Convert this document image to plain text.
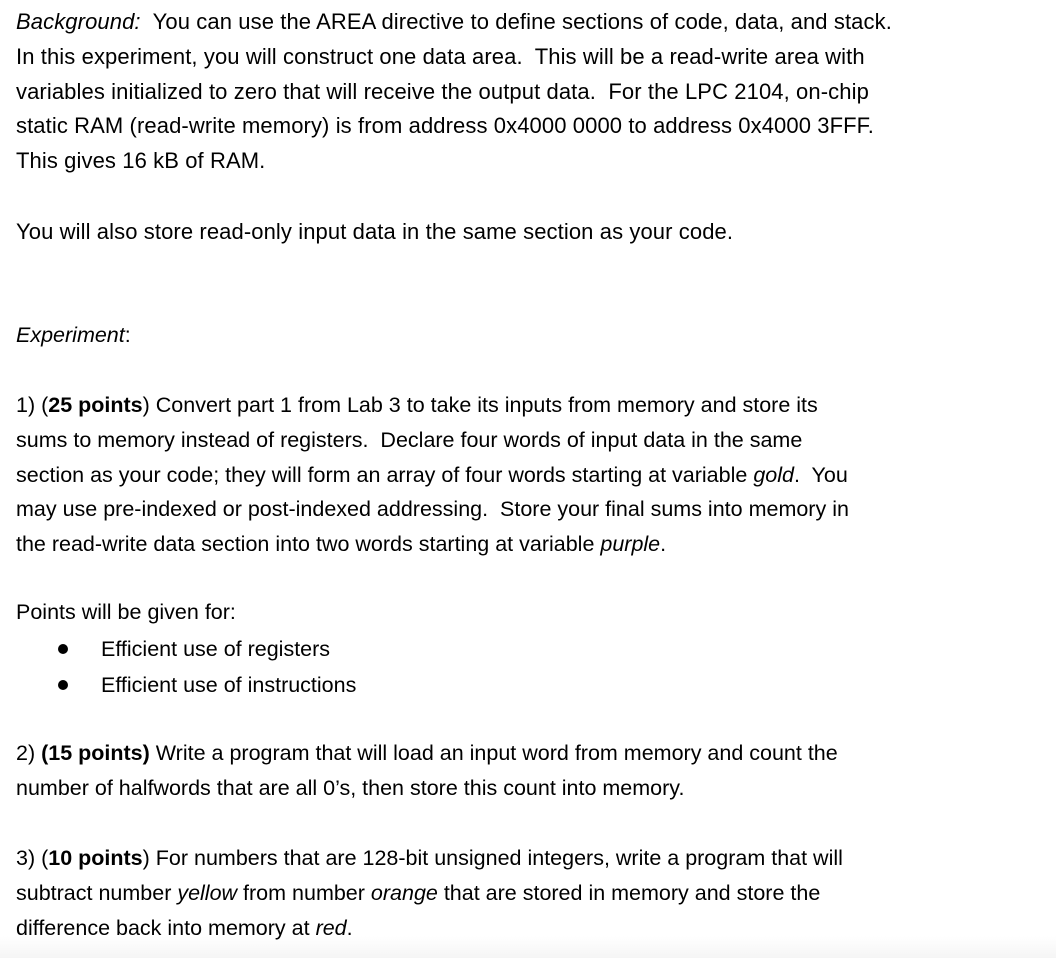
Background:  You can use the AREA directive to define sections of code, data, and stack.
In this experiment, you will construct one data area.  This will be a read-write area with
variables initialized to zero that will receive the output data.  For the LPC 2104, on-chip
static RAM (read-write memory) is from address 0x4000 0000 to address 0x4000 3FFF.
This gives 16 kB of RAM.
You will also store read-only input data in the same section as your code.
Experiment:
1) (25 points) Convert part 1 from Lab 3 to take its inputs from memory and store its
sums to memory instead of registers.  Declare four words of input data in the same
section as your code; they will form an array of four words starting at variable gold.  You
may use pre-indexed or post-indexed addressing.  Store your final sums into memory in
the read-write data section into two words starting at variable purple.
Points will be given for:
Efficient use of registers
Efficient use of instructions
2) (15 points) Write a program that will load an input word from memory and count the
number of halfwords that are all 0’s, then store this count into memory.
3) (10 points) For numbers that are 128-bit unsigned integers, write a program that will
subtract number yellow from number orange that are stored in memory and store the
difference back into memory at red.
